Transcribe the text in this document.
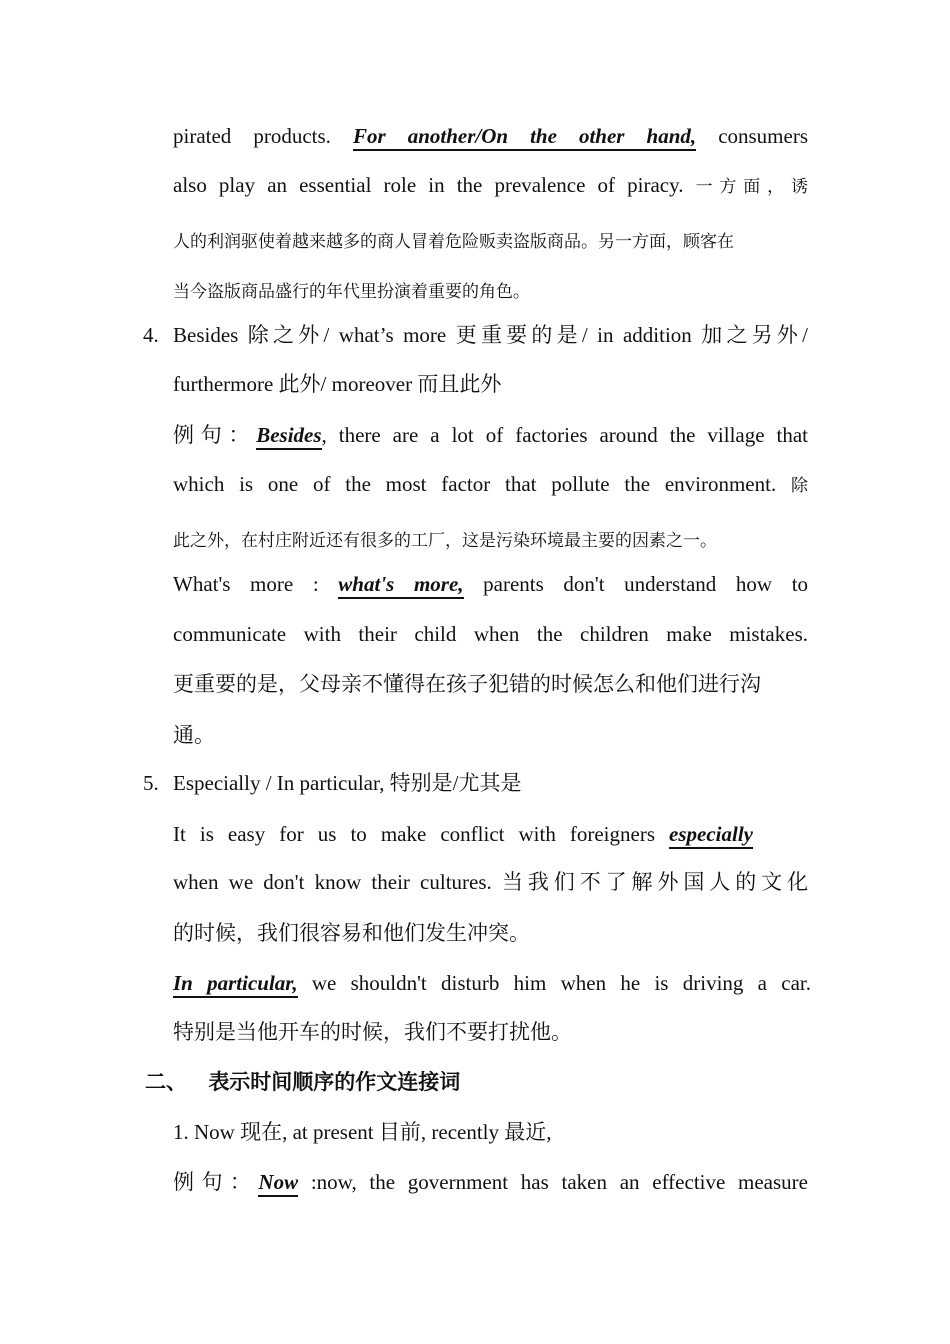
pirated products. For another/On the other hand, consumers
also play an essential role in the prevalence of piracy. 一方面，诱
人的利润驱使着越来越多的商人冒着危险贩卖盗版商品。另一方面，顾客在
当今盗版商品盛行的年代里扮演着重要的角色。
4. Besides 除之外/ what’s more 更重要的是/ in addition 加之另外/
furthermore 此外/ moreover 而且此外
例句：Besides, there are a lot of factories around the village that
which is one of the most factor that pollute the environment. 除
此之外，在村庄附近还有很多的工厂，这是污染环境最主要的因素之一。
What's more : what's more, parents don't understand how to
communicate with their child when the children make mistakes.
更重要的是，父母亲不懂得在孩子犯错的时候怎么和他们进行沟
通。
5. Especially / In particular, 特别是/尤其是
It is easy for us to make conflict with foreigners especially
when we don't know their cultures. 当我们不了解外国人的文化
的时候，我们很容易和他们发生冲突。
In particular, we shouldn't disturb him when he is driving a car.
特别是当他开车的时候，我们不要打扰他。
二、 表示时间顺序的作文连接词
1. Now 现在, at present 目前, recently 最近,
例句：Now :now, the government has taken an effective measure
